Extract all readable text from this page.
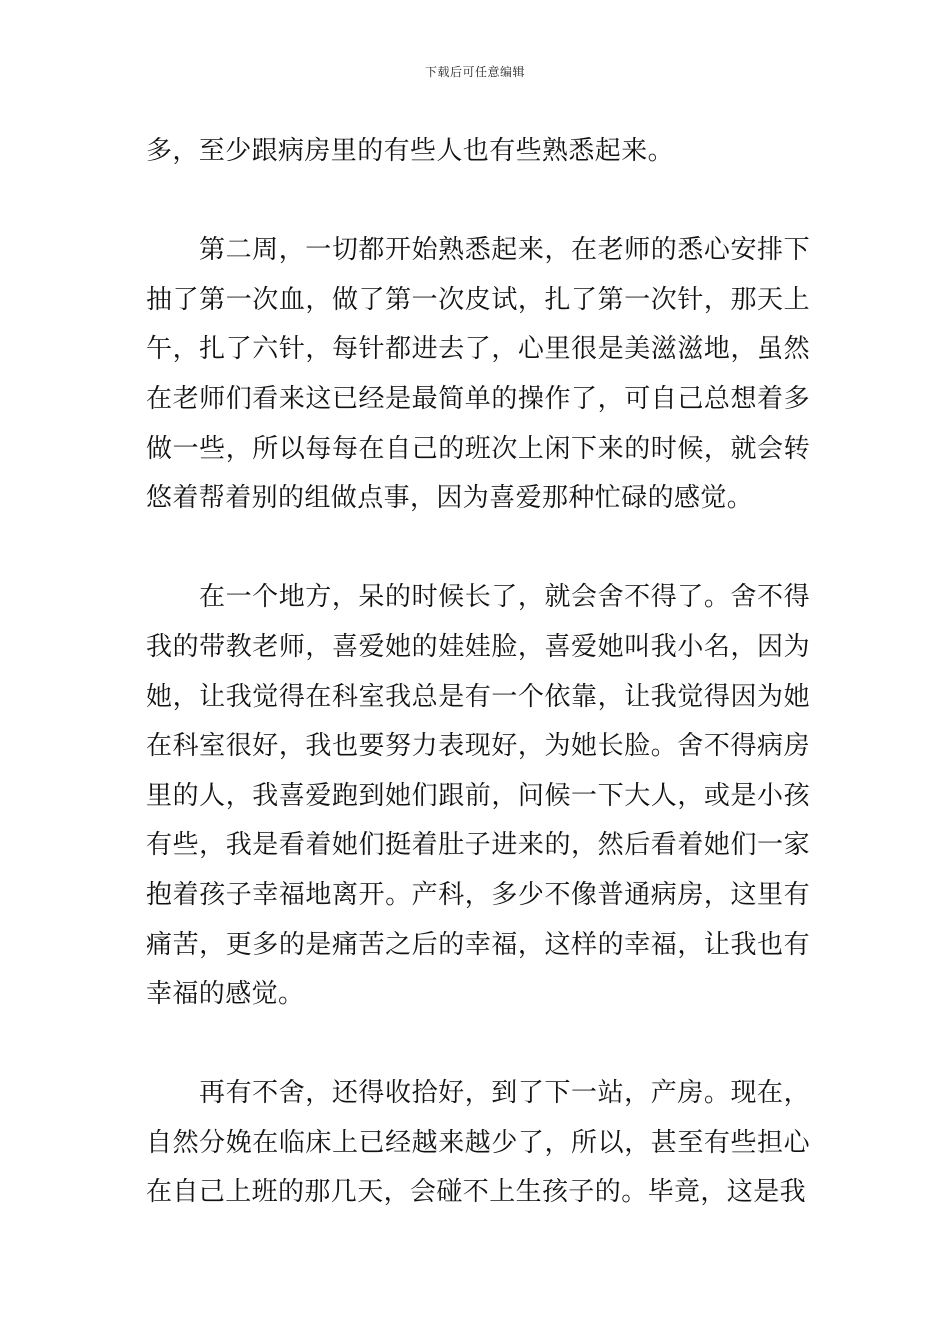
下载后可任意编辑

多，至少跟病房里的有些人也有些熟悉起来。

第二周，一切都开始熟悉起来，在老师的悉心安排下抽了第一次血，做了第一次皮试，扎了第一次针，那天上午，扎了六针，每针都进去了，心里很是美滋滋地，虽然在老师们看来这已经是最简单的操作了，可自己总想着多做一些，所以每每在自己的班次上闲下来的时候，就会转悠着帮着别的组做点事，因为喜爱那种忙碌的感觉。

在一个地方，呆的时候长了，就会舍不得了。舍不得我的带教老师，喜爱她的娃娃脸，喜爱她叫我小名，因为她，让我觉得在科室我总是有一个依靠，让我觉得因为她在科室很好，我也要努力表现好，为她长脸。舍不得病房里的人，我喜爱跑到她们跟前，问候一下大人，或是小孩有些，我是看着她们挺着肚子进来的，然后看着她们一家抱着孩子幸福地离开。产科，多少不像普通病房，这里有痛苦，更多的是痛苦之后的幸福，这样的幸福，让我也有幸福的感觉。

再有不舍，还得收拾好，到了下一站，产房。现在，自然分娩在临床上已经越来越少了，所以，甚至有些担心在自己上班的那几天，会碰不上生孩子的。毕竟，这是我
